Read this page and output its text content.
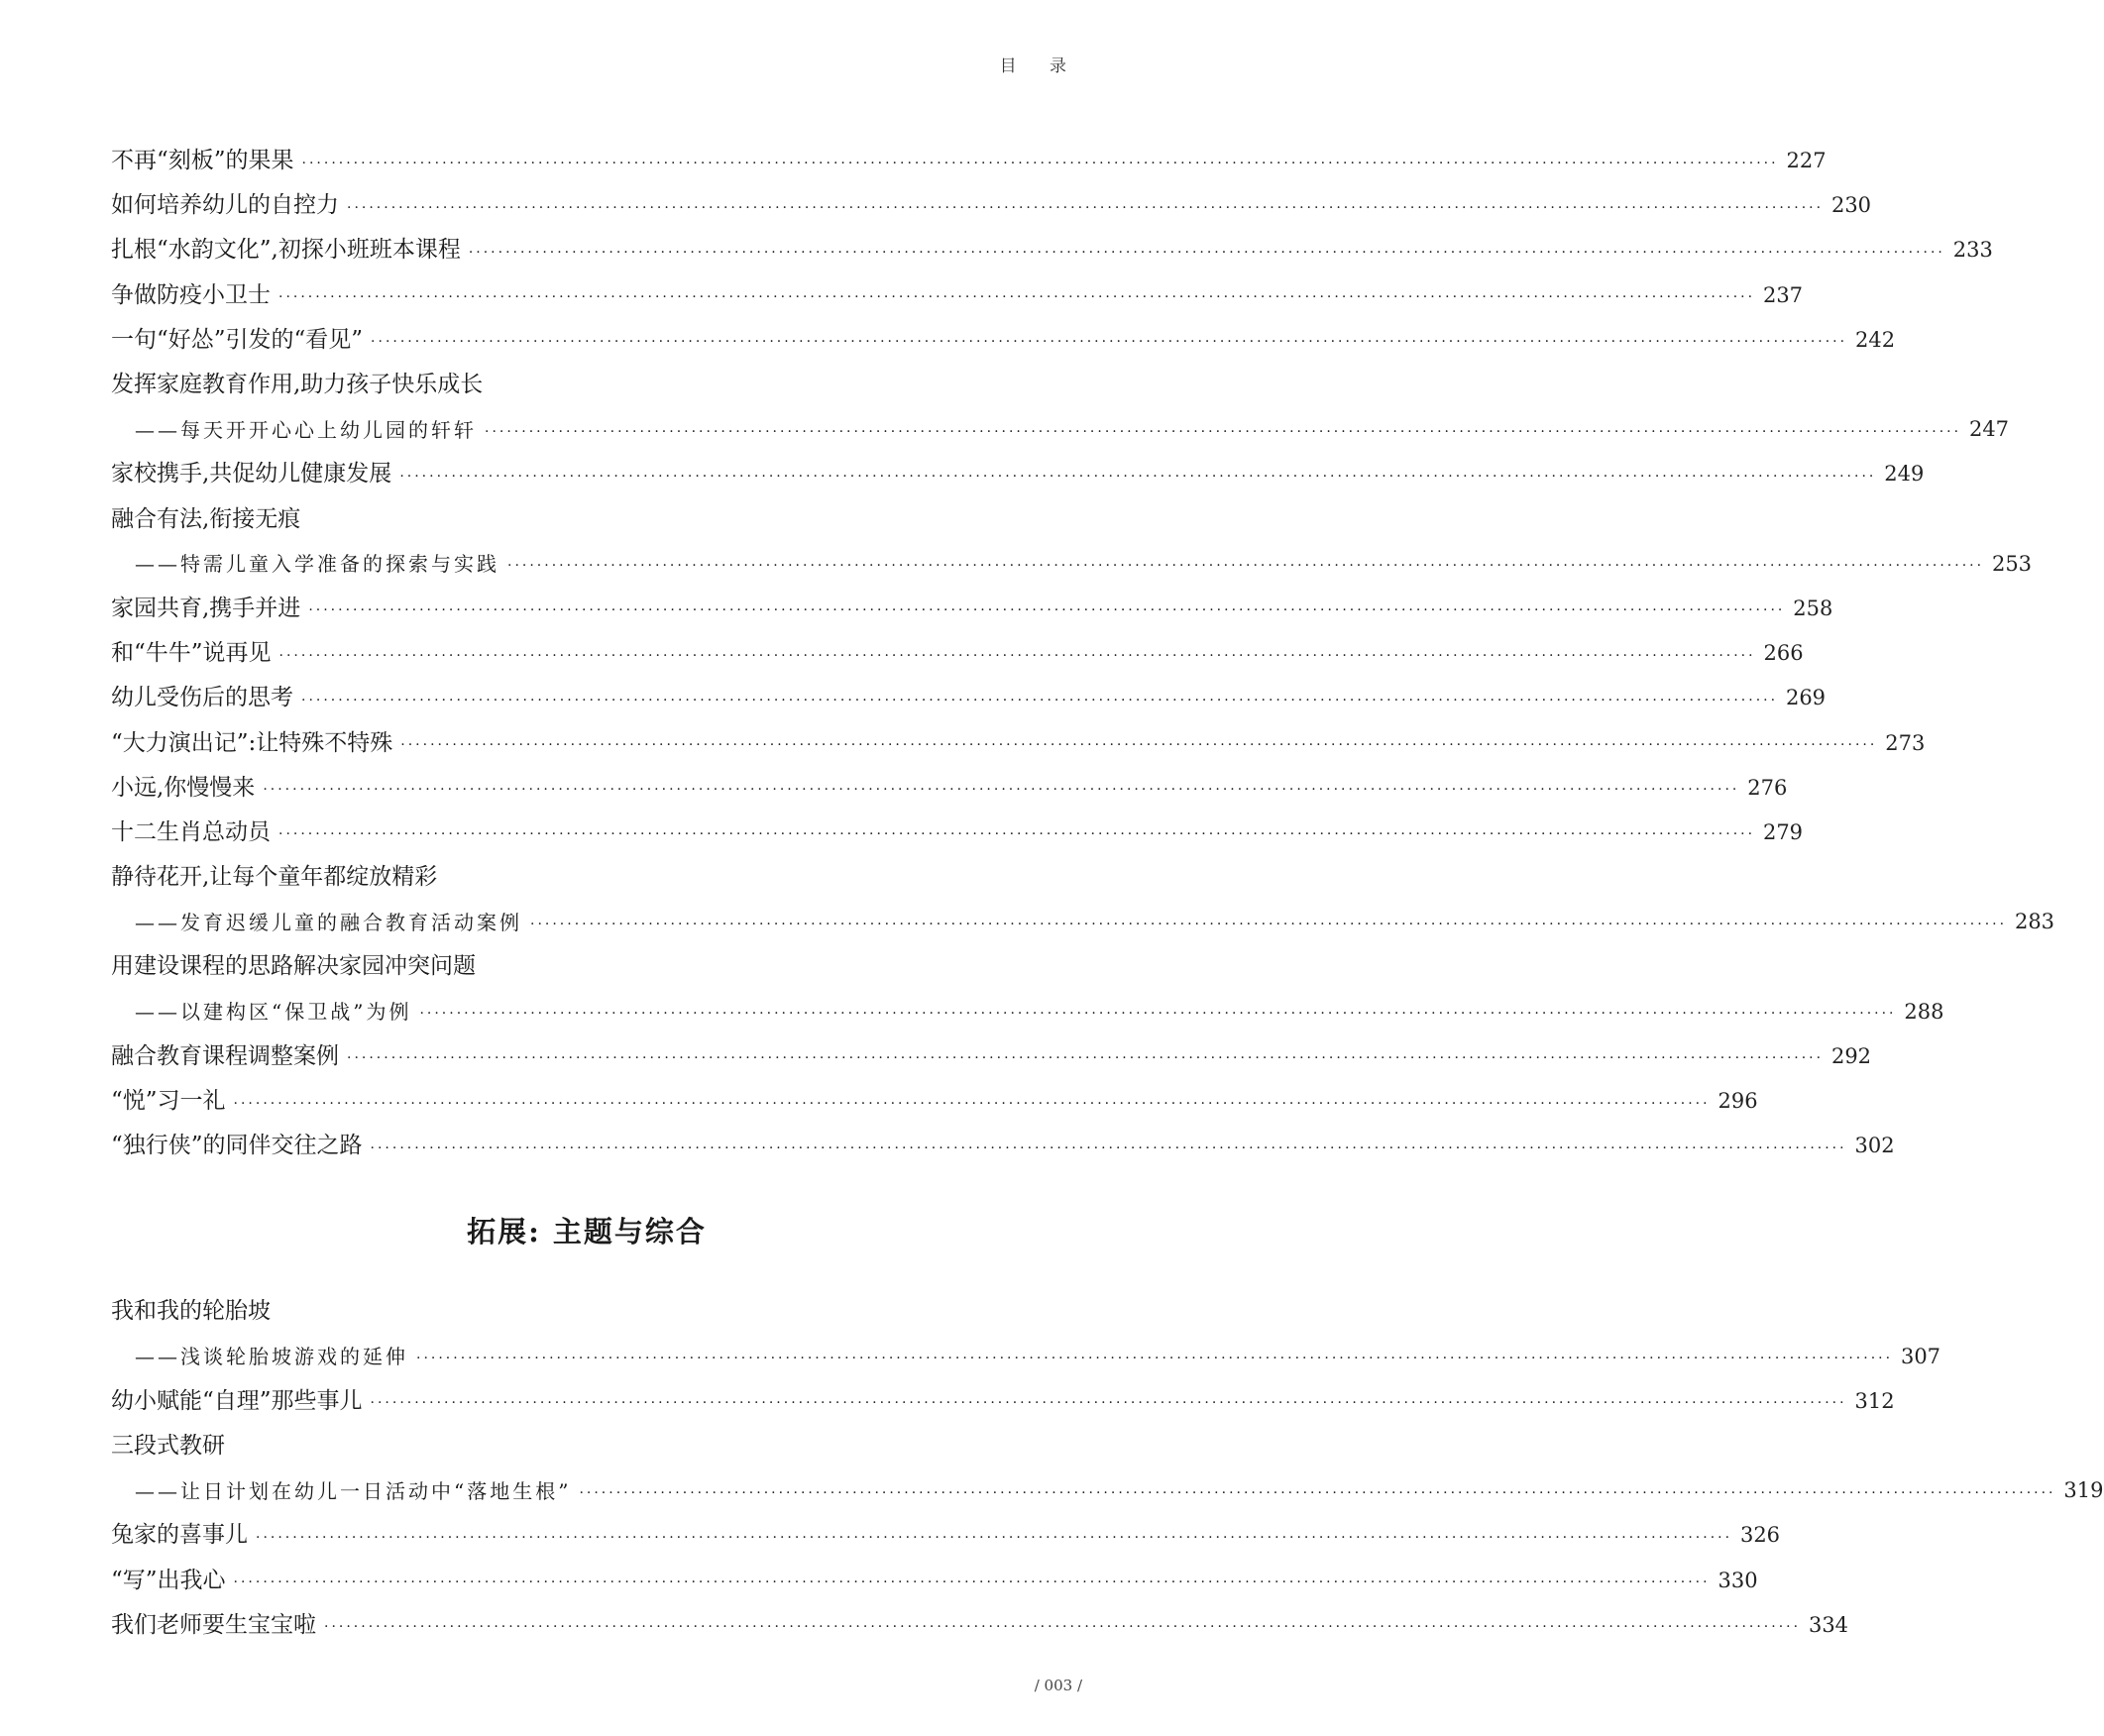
目 录
不再“刻板”的果果 ········································································································································································································ 227
如何培养幼儿的自控力 ········································································································································································································ 230
扎根“水韵文化”,初探小班班本课程 ········································································································································································································ 233
争做防疫小卫士 ········································································································································································································ 237
一句“好怂”引发的“看见” ········································································································································································································ 242
发挥家庭教育作用,助力孩子快乐成长
——每天开开心心上幼儿园的轩轩 ········································································································································································································ 247
家校携手,共促幼儿健康发展 ········································································································································································································ 249
融合有法,衔接无痕
——特需儿童入学准备的探索与实践 ········································································································································································································ 253
家园共育,携手并进 ········································································································································································································ 258
和“牛牛”说再见 ········································································································································································································ 266
幼儿受伤后的思考 ········································································································································································································ 269
“大力演出记”:让特殊不特殊 ········································································································································································································ 273
小远,你慢慢来 ········································································································································································································ 276
十二生肖总动员 ········································································································································································································ 279
静待花开,让每个童年都绽放精彩
——发育迟缓儿童的融合教育活动案例 ········································································································································································································ 283
用建设课程的思路解决家园冲突问题
——以建构区“保卫战”为例 ········································································································································································································ 288
融合教育课程调整案例 ········································································································································································································ 292
“悦”习一礼 ········································································································································································································ 296
“独行侠”的同伴交往之路 ········································································································································································································ 302
拓展: 主题与综合
我和我的轮胎坡
——浅谈轮胎坡游戏的延伸 ········································································································································································································ 307
幼小赋能“自理”那些事儿 ········································································································································································································ 312
三段式教研
——让日计划在幼儿一日活动中“落地生根” ········································································································································································································ 319
兔家的喜事儿 ········································································································································································································ 326
“写”出我心 ········································································································································································································ 330
我们老师要生宝宝啦 ········································································································································································································ 334
/ 003 /
